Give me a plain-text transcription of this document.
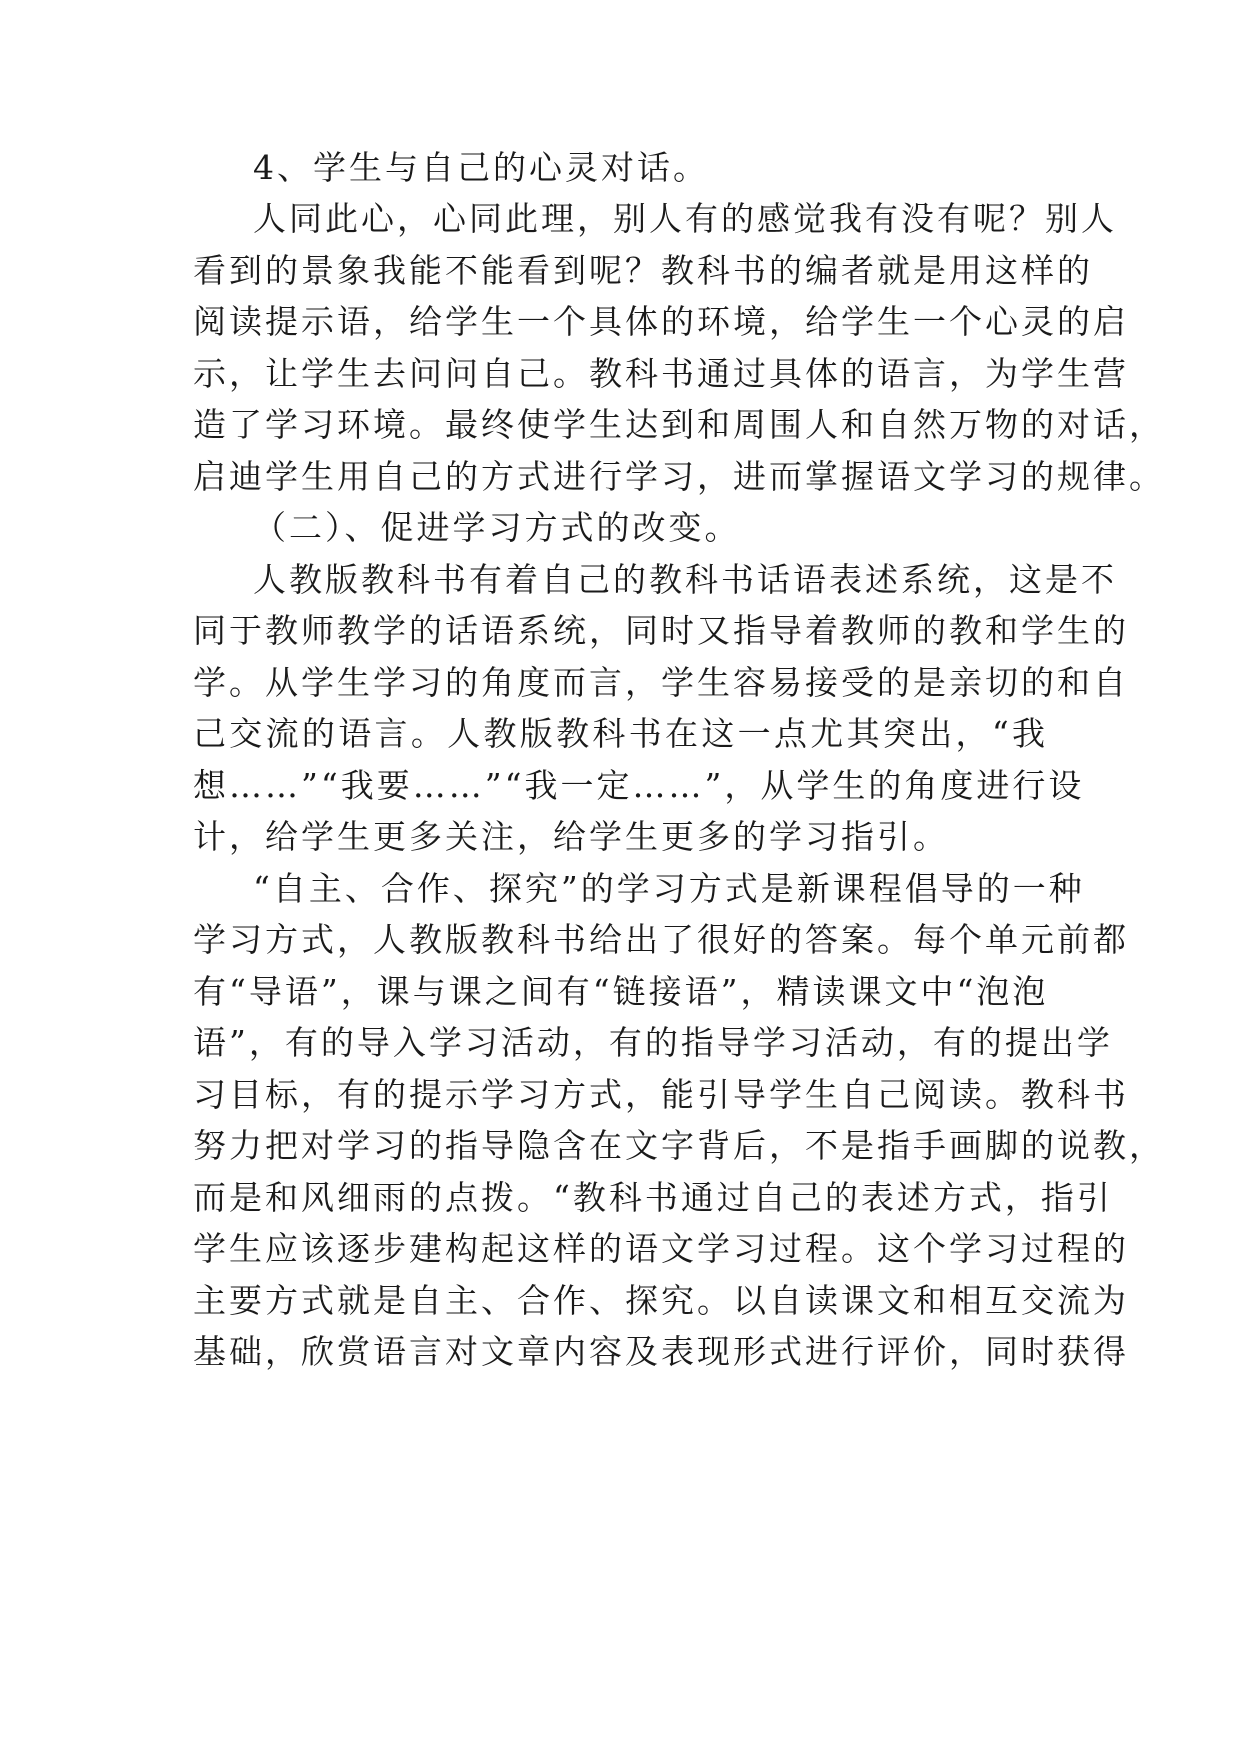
4、学生与自己的心灵对话。
人同此心，心同此理，别人有的感觉我有没有呢？别人
看到的景象我能不能看到呢？教科书的编者就是用这样的
阅读提示语，给学生一个具体的环境，给学生一个心灵的启
示，让学生去问问自己。教科书通过具体的语言，为学生营
造了学习环境。最终使学生达到和周围人和自然万物的对话，
启迪学生用自己的方式进行学习，进而掌握语文学习的规律。
（二）、促进学习方式的改变。
人教版教科书有着自己的教科书话语表述系统，这是不
同于教师教学的话语系统，同时又指导着教师的教和学生的
学。从学生学习的角度而言，学生容易接受的是亲切的和自
己交流的语言。人教版教科书在这一点尤其突出，“我
想……”“我要……”“我一定……”，从学生的角度进行设
计，给学生更多关注，给学生更多的学习指引。
“自主、合作、探究”的学习方式是新课程倡导的一种
学习方式，人教版教科书给出了很好的答案。每个单元前都
有“导语”，课与课之间有“链接语”，精读课文中“泡泡
语”，有的导入学习活动，有的指导学习活动，有的提出学
习目标，有的提示学习方式，能引导学生自己阅读。教科书
努力把对学习的指导隐含在文字背后，不是指手画脚的说教，
而是和风细雨的点拨。“教科书通过自己的表述方式，指引
学生应该逐步建构起这样的语文学习过程。这个学习过程的
主要方式就是自主、合作、探究。以自读课文和相互交流为
基础，欣赏语言对文章内容及表现形式进行评价，同时获得
